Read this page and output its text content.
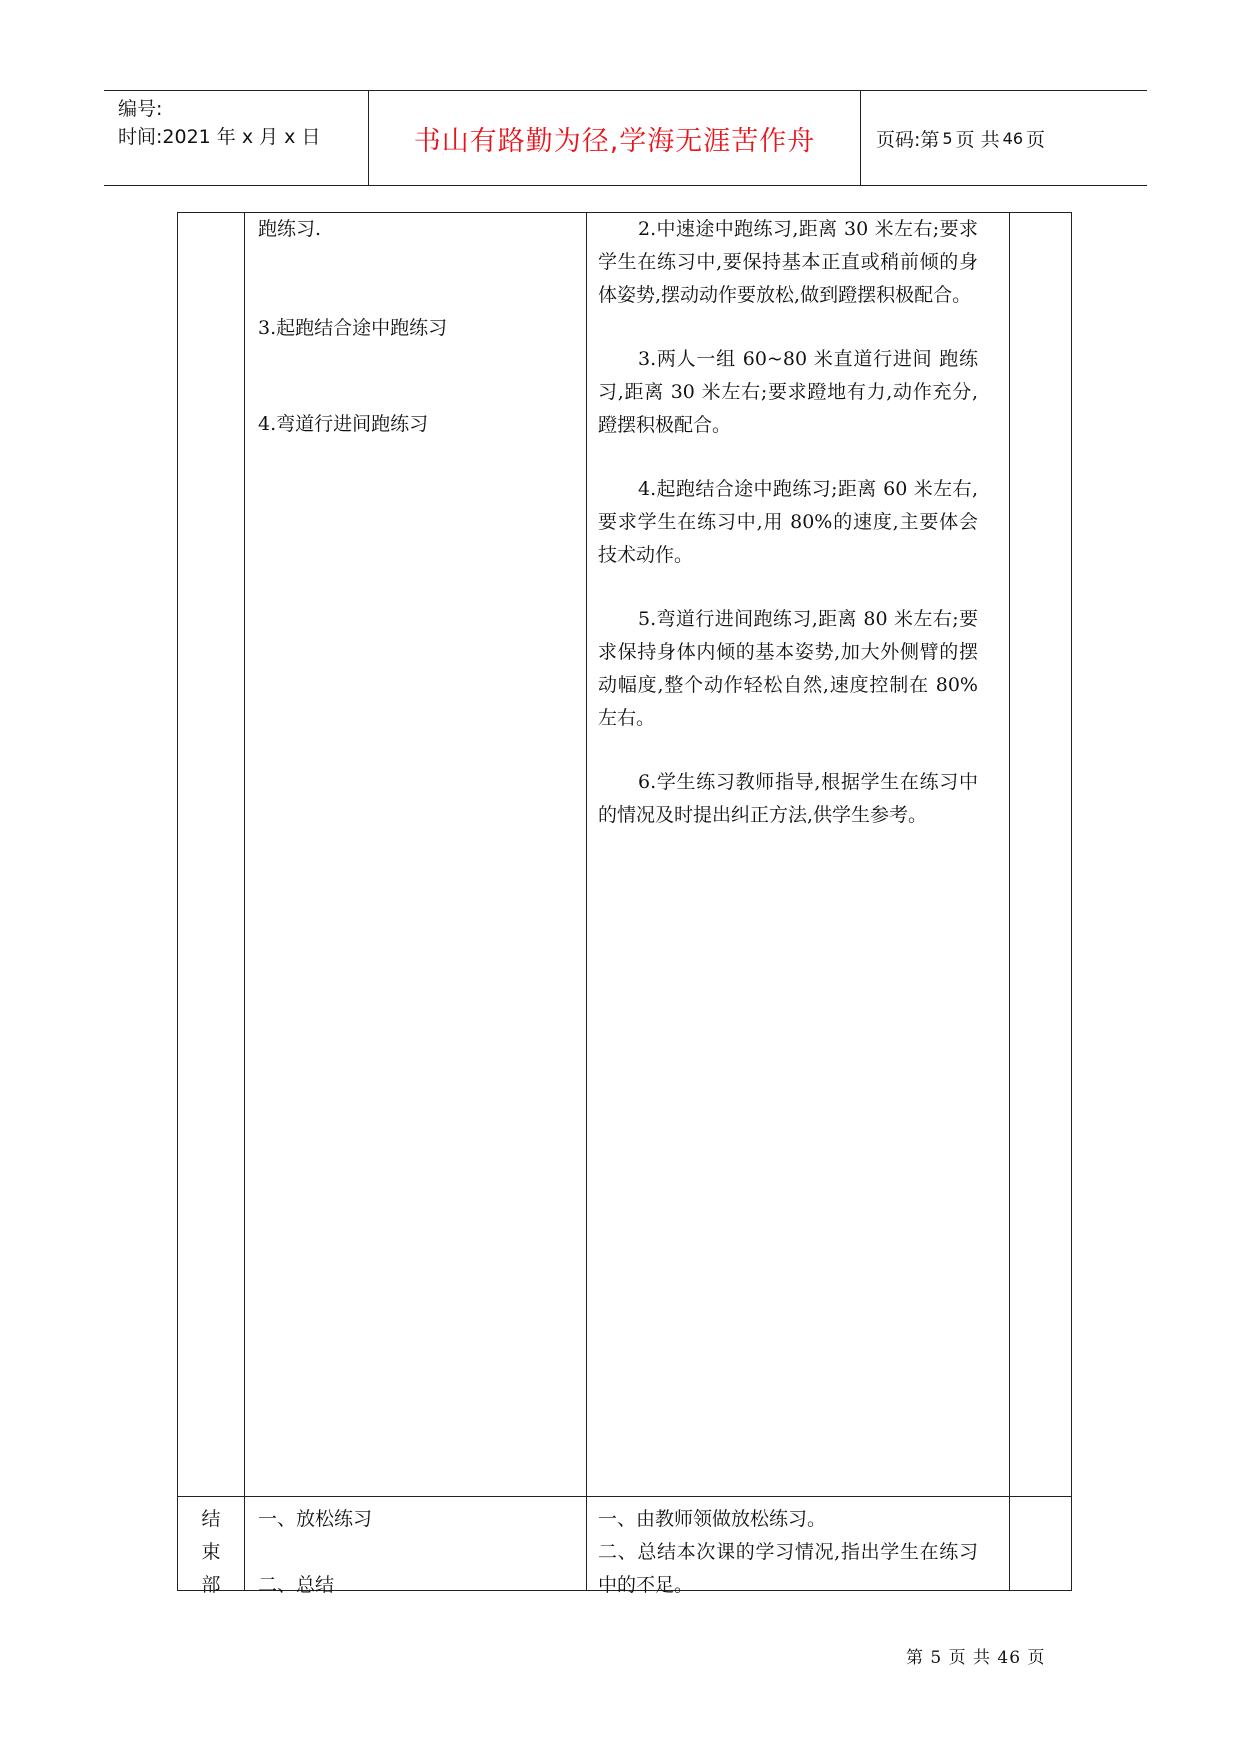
编号:
时间:2021 年 x 月 x 日	书山有路勤为径,学海无涯苦作舟	页码:第 5 页 共 46 页
跑练习.
3.起跑结合途中跑练习
4.弯道行进间跑练习

2.中速途中跑练习,距离 30 米左右;要求学生在练习中,要保持基本正直或稍前倾的身体姿势,摆动动作要放松,做到蹬摆积极配合。

3.两人一组 60~80 米直道行进间 跑练习,距离 30 米左右;要求蹬地有力,动作充分,蹬摆积极配合。

4.起跑结合途中跑练习;距离 60 米左右,要求学生在练习中,用 80%的速度,主要体会技术动作。

5.弯道行进间跑练习,距离 80 米左右;要求保持身体内倾的基本姿势,加大外侧臂的摆动幅度,整个动作轻松自然,速度控制在 80%左右。

6.学生练习教师指导,根据学生在练习中的情况及时提出纠正方法,供学生参考。

结
束
部
一、放松练习
二、总结

一、由教师领做放松练习。

二、总结本次课的学习情况,指出学生在练习中的不足。

第 5 页 共 46 页
